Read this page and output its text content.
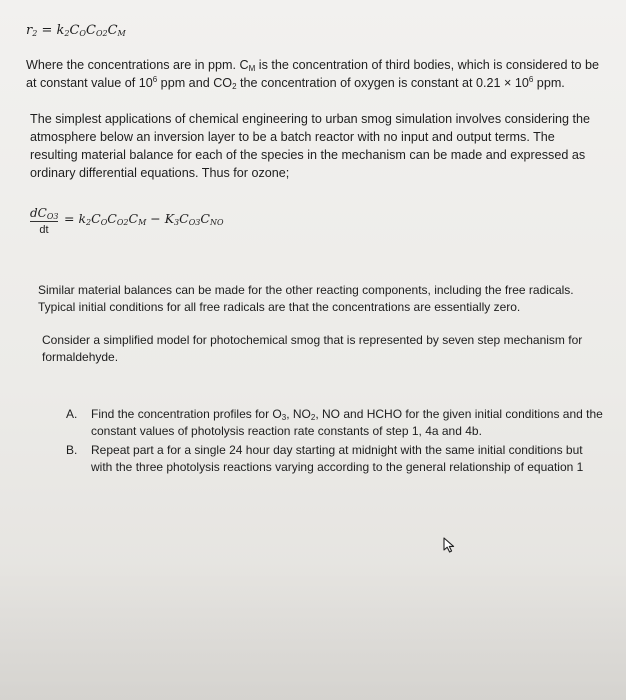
$r_2 = k_2C_OC_{O2}C_M$
Where the concentrations are in ppm. $C_M$ is the concentration of third bodies, which is considered to be
at constant value of $10^6$ ppm and $CO_2$ the concentration of oxygen is constant at $0.21 \times 10^6$ ppm.
The simplest applications of chemical engineering to urban smog simulation involves considering the
atmosphere below an inversion layer to be a batch reactor with no input and output terms. The
resulting material balance for each of the species in the mechanism can be made and expressed as
ordinary differential equations. Thus for ozone;
$dC_{O3}$
dt
= $k_2C_OC_{O2}C_M - K_3C_{O3}C_{NO}$
Similar material balances can be made for the other reacting components, including the free radicals.
Typical initial conditions for all free radicals are that the concentrations are essentially zero.
Consider a simplified model for photochemical smog that is represented by seven step mechanism for
formaldehyde.
A. Find the concentration profiles for $O_3$, $NO_2$, NO and HCHO for the given initial conditions and the
constant values of photolysis reaction rate constants of step 1, 4a and 4b.
B. Repeat part a for a single 24 hour day starting at midnight with the same initial conditions but
with the three photolysis reactions varying according to the general relationship of equation 1
